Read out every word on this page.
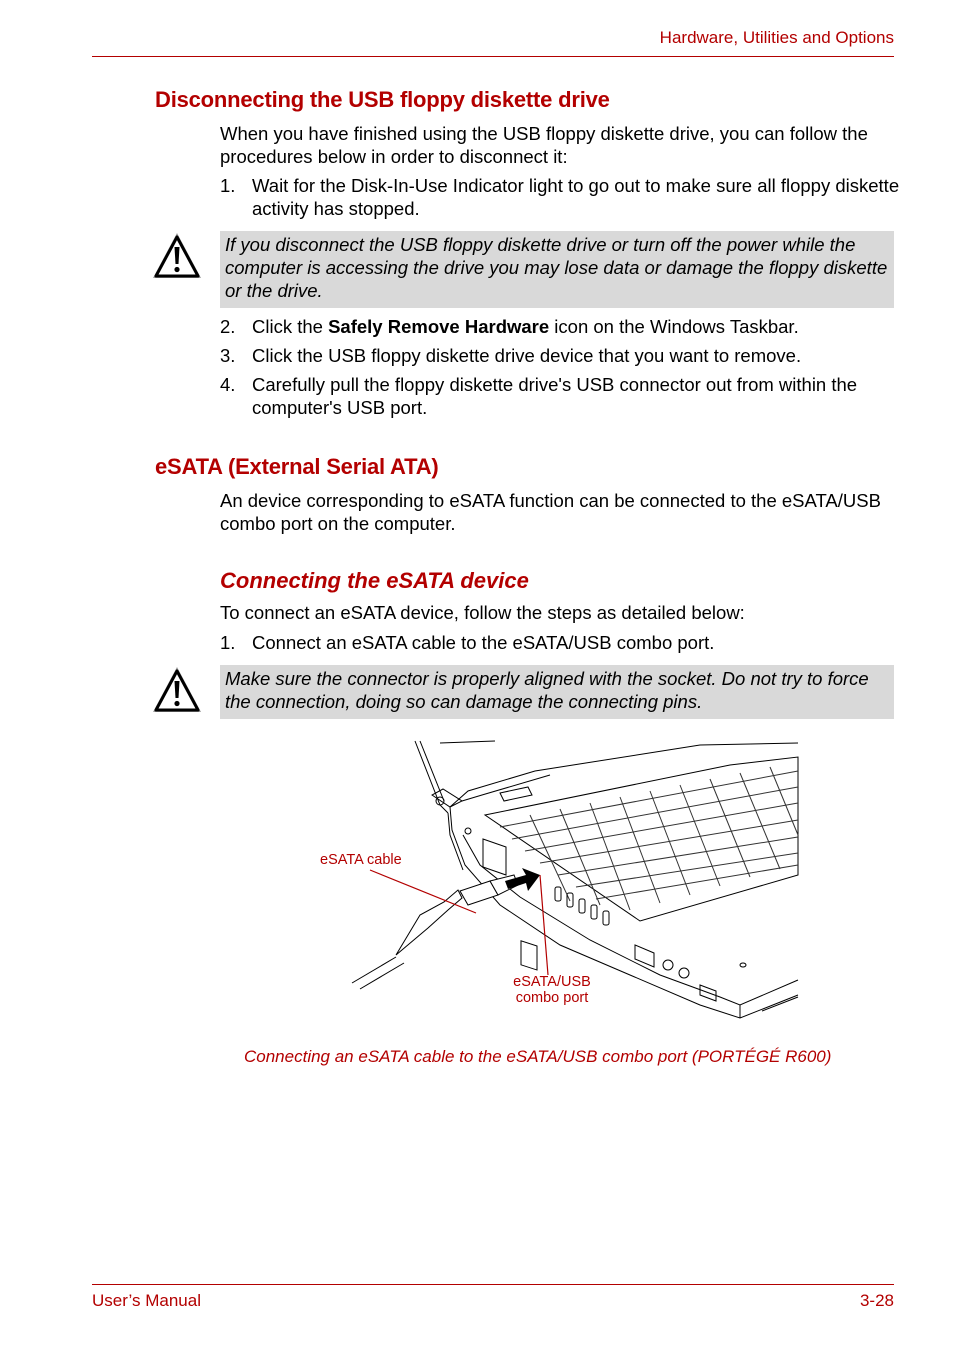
Hardware, Utilities and Options
Disconnecting the USB floppy diskette drive
When you have finished using the USB floppy diskette drive, you can follow the procedures below in order to disconnect it:
1. Wait for the Disk-In-Use Indicator light to go out to make sure all floppy diskette activity has stopped.
If you disconnect the USB floppy diskette drive or turn off the power while the computer is accessing the drive you may lose data or damage the floppy diskette or the drive.
2. Click the Safely Remove Hardware icon on the Windows Taskbar.
3. Click the USB floppy diskette drive device that you want to remove.
4. Carefully pull the floppy diskette drive's USB connector out from within the computer's USB port.
eSATA (External Serial ATA)
An device corresponding to eSATA function can be connected to the eSATA/USB combo port on the computer.
Connecting the eSATA device
To connect an eSATA device, follow the steps as detailed below:
1. Connect an eSATA cable to the eSATA/USB combo port.
Make sure the connector is properly aligned with the socket. Do not try to force the connection, doing so can damage the connecting pins.
eSATA cable
eSATA/USB
combo port
Connecting an eSATA cable to the eSATA/USB combo port (PORTÉGÉ R600)
User’s Manual	3-28
